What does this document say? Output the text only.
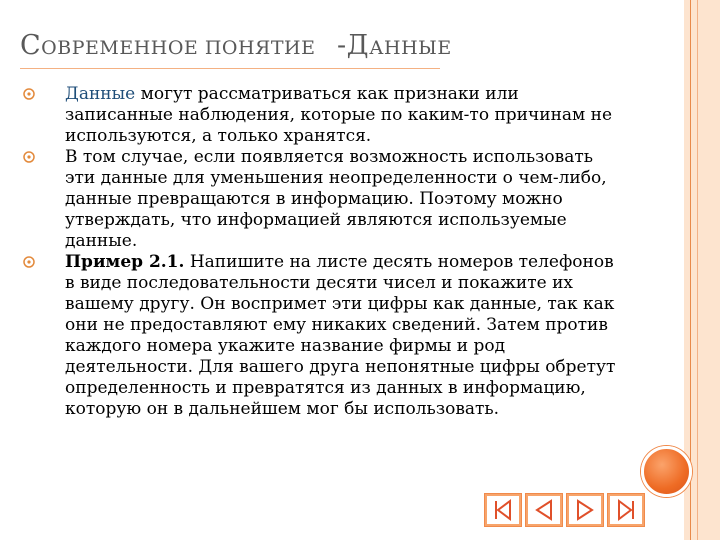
СОВРЕМЕННОЕ ПОНЯТИЕ -ДАННЫЕ
Данные могут рассматриваться как признаки или записанные наблюдения, которые по каким-то причинам не используются, а только хранятся.
В том случае, если появляется возможность использовать эти данные для уменьшения неопределенности о чем-либо, данные превращаются в информацию. Поэтому можно утверждать, что информацией являются используемые данные.
Пример 2.1. Напишите на листе десять номеров телефонов в виде последовательности десяти чисел и покажите их вашему другу. Он воспримет эти цифры как данные, так как они не предоставляют ему никаких сведений. Затем против каждого номера укажите название фирмы и род деятельности. Для вашего друга непонятные цифры обретут определенность и превратятся из данных в информацию, которую он в дальнейшем мог бы использовать.
